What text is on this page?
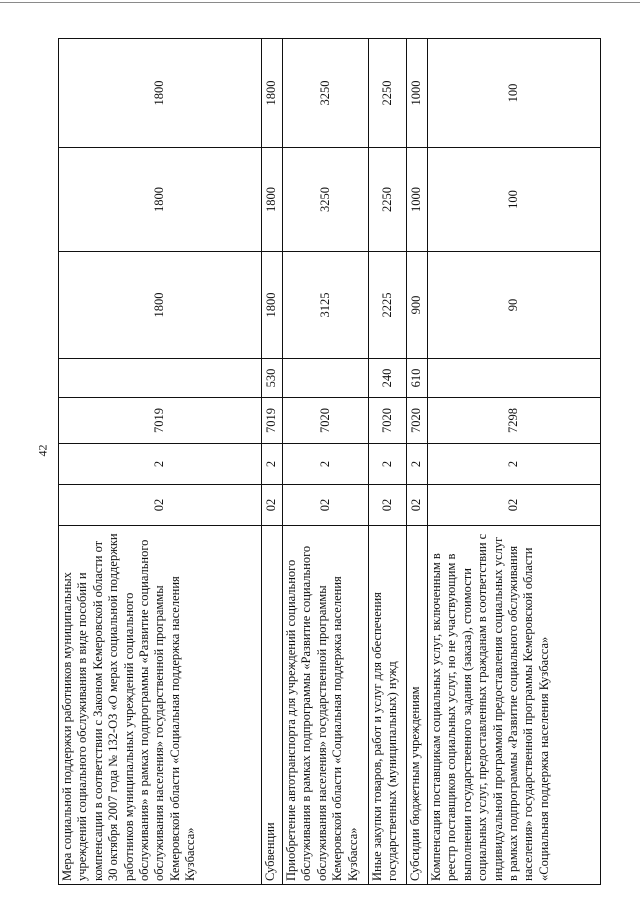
42
Мера социальной поддержки работников муниципальных учреждений социального обслуживания в виде пособий и компенсации в соответствии с Законом Кемеровской области от 30 октября 2007 года № 132-ОЗ «О мерах социальной поддержки работников муниципальных учреждений социального обслуживания» в рамках подпрограммы «Развитие социального обслуживания населения» государственной программы Кемеровской области «Социальная поддержка населения Кузбасса»	02	2	7019		1800	1800	1800
Субвенции	02	2	7019	530	1800	1800	1800
Приобретение автотранспорта для учреждений социального обслуживания в рамках подпрограммы «Развитие социального обслуживания населения» государственной программы Кемеровской области «Социальная поддержка населения Кузбасса»	02	2	7020		3125	3250	3250
Иные закупки товаров, работ и услуг для обеспечения государственных (муниципальных) нужд	02	2	7020	240	2225	2250	2250
Субсидии бюджетным учреждениям	02	2	7020	610	900	1000	1000
Компенсация поставщикам социальных услуг, включенным в реестр поставщиков социальных услуг, но не участвующим в выполнении государственного задания (заказа), стоимости социальных услуг, предоставленных гражданам в соответствии с индивидуальной программой предоставления социальных услуг в рамках подпрограммы «Развитие социального обслуживания населения» государственной программы Кемеровской области «Социальная поддержка населения Кузбасса»	02	2	7298		90	100	100
